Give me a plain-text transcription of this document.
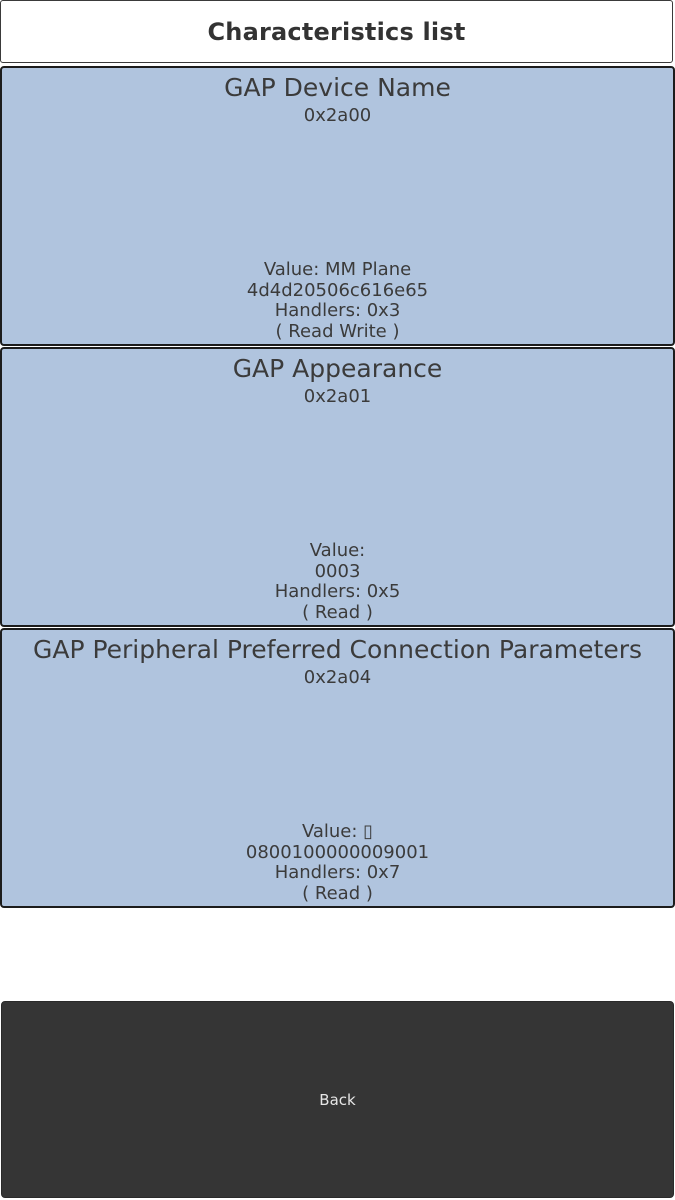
Characteristics list
GAP Device Name
0x2a00
Value: MM Plane
4d4d20506c616e65
Handlers: 0x3
( Read Write )
GAP Appearance
0x2a01
Value:
0003
Handlers: 0x5
( Read )
GAP Peripheral Preferred Connection Parameters
0x2a04
Value: ▯
0800100000009001
Handlers: 0x7
( Read )
Back
